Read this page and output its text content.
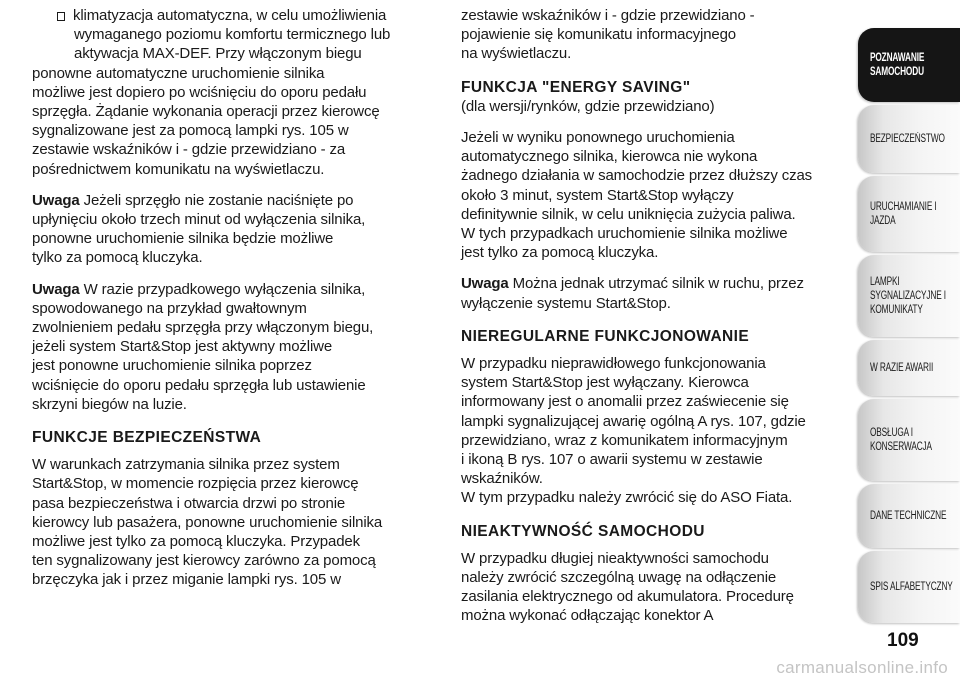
klimatyzacja automatyczna, w celu umożliwienia
wymaganego poziomu komfortu termicznego lub
aktywacja MAX-DEF. Przy włączonym biegu
ponowne automatyczne uruchomienie silnika
możliwe jest dopiero po wciśnięciu do oporu pedału
sprzęgła. Żądanie wykonania operacji przez kierowcę
sygnalizowane jest za pomocą lampki rys. 105 w
zestawie wskaźników i - gdzie przewidziano - za
pośrednictwem komunikatu na wyświetlaczu.
Uwaga Jeżeli sprzęgło nie zostanie naciśnięte po
upłynięciu około trzech minut od wyłączenia silnika,
ponowne uruchomienie silnika będzie możliwe
tylko za pomocą kluczyka.
Uwaga W razie przypadkowego wyłączenia silnika,
spowodowanego na przykład gwałtownym
zwolnieniem pedału sprzęgła przy włączonym biegu,
jeżeli system Start&Stop jest aktywny możliwe
jest ponowne uruchomienie silnika poprzez
wciśnięcie do oporu pedału sprzęgła lub ustawienie
skrzyni biegów na luzie.
FUNKCJE BEZPIECZEŃSTWA
W warunkach zatrzymania silnika przez system
Start&Stop, w momencie rozpięcia przez kierowcę
pasa bezpieczeństwa i otwarcia drzwi po stronie
kierowcy lub pasażera, ponowne uruchomienie silnika
możliwe jest tylko za pomocą kluczyka. Przypadek
ten sygnalizowany jest kierowcy zarówno za pomocą
brzęczyka jak i przez miganie lampki rys. 105 w
zestawie wskaźników i - gdzie przewidziano -
pojawienie się komunikatu informacyjnego
na wyświetlaczu.
FUNKCJA "ENERGY SAVING"
(dla wersji/rynków, gdzie przewidziano)
Jeżeli w wyniku ponownego uruchomienia
automatycznego silnika, kierowca nie wykona
żadnego działania w samochodzie przez dłuższy czas
około 3 minut, system Start&Stop wyłączy
definitywnie silnik, w celu uniknięcia zużycia paliwa.
W tych przypadkach uruchomienie silnika możliwe
jest tylko za pomocą kluczyka.
Uwaga Można jednak utrzymać silnik w ruchu, przez
wyłączenie systemu Start&Stop.
NIEREGULARNE FUNKCJONOWANIE
W przypadku nieprawidłowego funkcjonowania
system Start&Stop jest wyłączany. Kierowca
informowany jest o anomalii przez zaświecenie się
lampki sygnalizującej awarię ogólną A rys. 107, gdzie
przewidziano, wraz z komunikatem informacyjnym
i ikoną B rys. 107 o awarii systemu w zestawie
wskaźników.
W tym przypadku należy zwrócić się do ASO Fiata.
NIEAKTYWNOŚĆ SAMOCHODU
W przypadku długiej nieaktywności samochodu
należy zwrócić szczególną uwagę na odłączenie
zasilania elektrycznego od akumulatora. Procedurę
można wykonać odłączając konektor A
POZNAWANIE
SAMOCHODU
BEZPIECZEŃSTWO
URUCHAMIANIE I
JAZDA
LAMPKI
SYGNALIZACYJNE I
KOMUNIKATY
W RAZIE AWARII
OBSŁUGA I
KONSERWACJA
DANE TECHNICZNE
SPIS ALFABETYCZNY
109
carmanualsonline.info
